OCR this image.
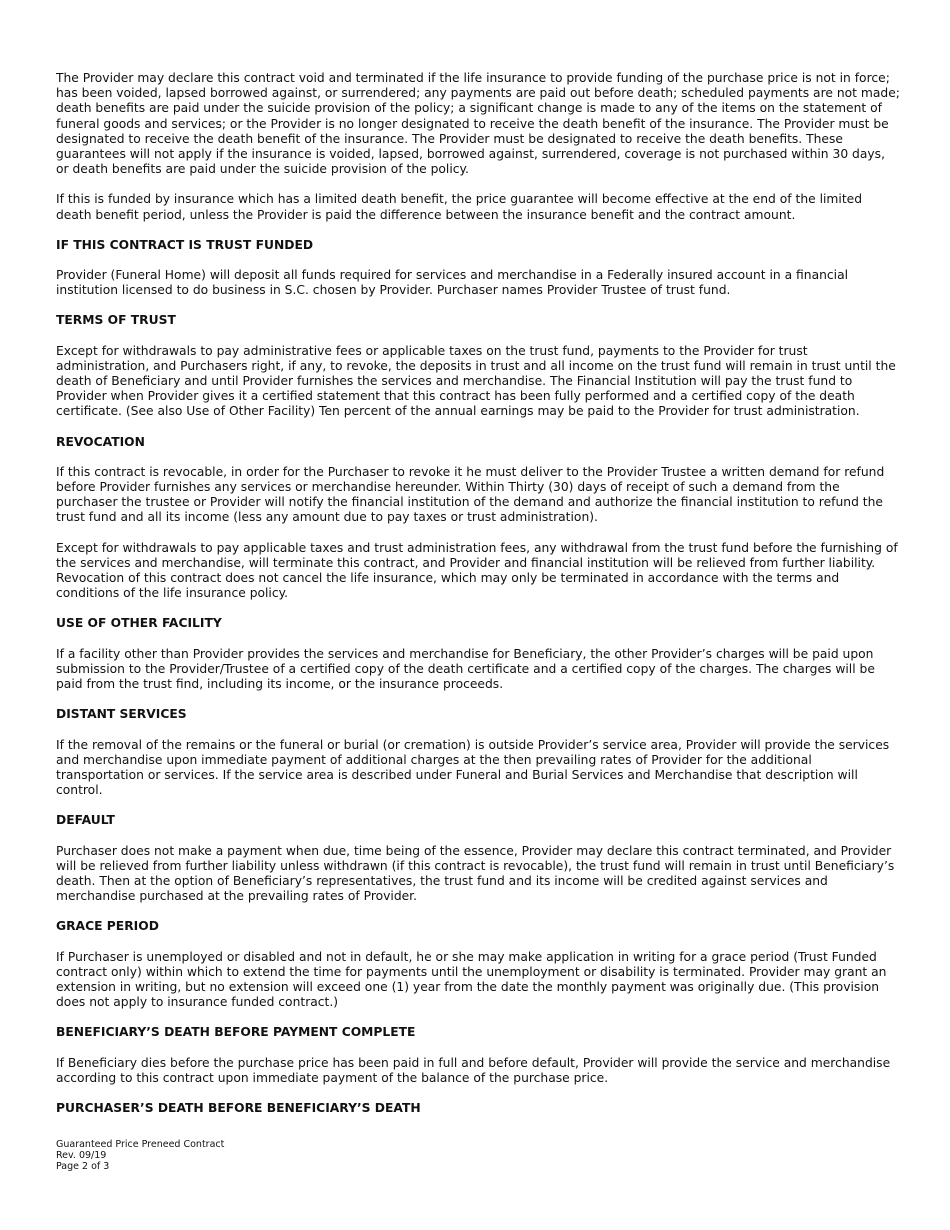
The Provider may declare this contract void and terminated if the life insurance to provide funding of the purchase price is not in force; has been voided, lapsed borrowed against, or surrendered; any payments are paid out before death; scheduled payments are not made; death benefits are paid under the suicide provision of the policy; a significant change is made to any of the items on the statement of funeral goods and services; or the Provider is no longer designated to receive the death benefit of the insurance. The Provider must be designated to receive the death benefit of the insurance. The Provider must be designated to receive the death benefits. These guarantees will not apply if the insurance is voided, lapsed, borrowed against, surrendered, coverage is not purchased within 30 days, or death benefits are paid under the suicide provision of the policy.

If this is funded by insurance which has a limited death benefit, the price guarantee will become effective at the end of the limited death benefit period, unless the Provider is paid the difference between the insurance benefit and the contract amount.

IF THIS CONTRACT IS TRUST FUNDED

Provider (Funeral Home) will deposit all funds required for services and merchandise in a Federally insured account in a financial institution licensed to do business in S.C. chosen by Provider. Purchaser names Provider Trustee of trust fund.

TERMS OF TRUST

Except for withdrawals to pay administrative fees or applicable taxes on the trust fund, payments to the Provider for trust administration, and Purchasers right, if any, to revoke, the deposits in trust and all income on the trust fund will remain in trust until the death of Beneficiary and until Provider furnishes the services and merchandise. The Financial Institution will pay the trust fund to Provider when Provider gives it a certified statement that this contract has been fully performed and a certified copy of the death certificate. (See also Use of Other Facility) Ten percent of the annual earnings may be paid to the Provider for trust administration.

REVOCATION

If this contract is revocable, in order for the Purchaser to revoke it he must deliver to the Provider Trustee a written demand for refund before Provider furnishes any services or merchandise hereunder. Within Thirty (30) days of receipt of such a demand from the purchaser the trustee or Provider will notify the financial institution of the demand and authorize the financial institution to refund the trust fund and all its income (less any amount due to pay taxes or trust administration).

Except for withdrawals to pay applicable taxes and trust administration fees, any withdrawal from the trust fund before the furnishing of the services and merchandise, will terminate this contract, and Provider and financial institution will be relieved from further liability. Revocation of this contract does not cancel the life insurance, which may only be terminated in accordance with the terms and conditions of the life insurance policy.

USE OF OTHER FACILITY

If a facility other than Provider provides the services and merchandise for Beneficiary, the other Provider’s charges will be paid upon submission to the Provider/Trustee of a certified copy of the death certificate and a certified copy of the charges. The charges will be paid from the trust find, including its income, or the insurance proceeds.

DISTANT SERVICES

If the removal of the remains or the funeral or burial (or cremation) is outside Provider’s service area, Provider will provide the services and merchandise upon immediate payment of additional charges at the then prevailing rates of Provider for the additional transportation or services. If the service area is described under Funeral and Burial Services and Merchandise that description will control.

DEFAULT

Purchaser does not make a payment when due, time being of the essence, Provider may declare this contract terminated, and Provider will be relieved from further liability unless withdrawn (if this contract is revocable), the trust fund will remain in trust until Beneficiary’s death. Then at the option of Beneficiary’s representatives, the trust fund and its income will be credited against services and merchandise purchased at the prevailing rates of Provider.

GRACE PERIOD

If Purchaser is unemployed or disabled and not in default, he or she may make application in writing for a grace period (Trust Funded contract only) within which to extend the time for payments until the unemployment or disability is terminated. Provider may grant an extension in writing, but no extension will exceed one (1) year from the date the monthly payment was originally due. (This provision does not apply to insurance funded contract.)

BENEFICIARY’S DEATH BEFORE PAYMENT COMPLETE

If Beneficiary dies before the purchase price has been paid in full and before default, Provider will provide the service and merchandise according to this contract upon immediate payment of the balance of the purchase price.

PURCHASER’S DEATH BEFORE BENEFICIARY’S DEATH
Guaranteed Price Preneed Contract
Rev. 09/19
Page 2 of 3
